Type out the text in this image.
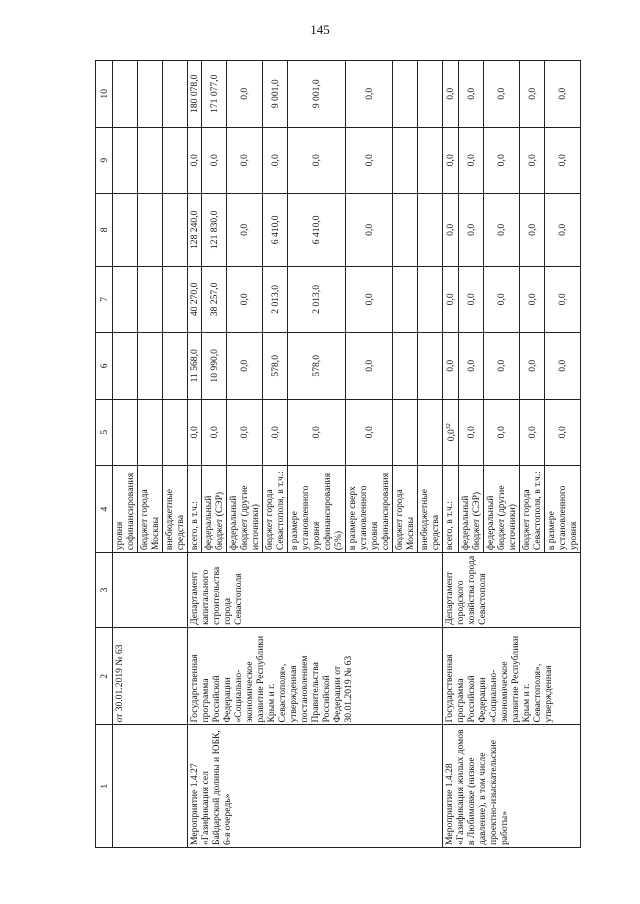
145
1	2	3	4	5	6	7	8	9	10
	от 30.01.2019 № 63		уровня софинансирования						
			бюджет города Москвы						
			внебюджетные средства						
Мероприятие 1.4.27 «Газификация сел Байдарской долины и ЮБК, 6-я очередь»	Государственная программа Российской Федерации «Социально-экономическое развитие Республики Крым и г. Севастополя», утвержденная постановлением Правительства Российской Федерации от 30.01.2019 № 63	Департамент капитального строительства города Севастополя	всего, в т.ч.:	0,0	11 568,0	40 270,0	128 240,0	0,0	180 078,0
			федеральный бюджет (СЭР)	0,0	10 990,0	38 257,0	121 830,0	0,0	171 077,0
			федеральный бюджет (другие источники)	0,0	0,0	0,0	0,0	0,0	0,0
			бюджет города Севастополя, в т.ч.:	0,0	578,0	2 013,0	6 410,0	0,0	9 001,0
			в размере установленного уровня софинансирования (5%)	0,0	578,0	2 013,0	6 410,0	0,0	9 001,0
			в размере сверх установленного уровня софинансирования	0,0	0,0	0,0	0,0	0,0	0,0
			бюджет города Москвы						
			внебюджетные средства						
Мероприятие 1.4.28 «Газификация жилых домов в Любимовке (низкое давление), в том числе проектно-изыскательские работы»	Государственная программа Российской Федерации «Социально-экономическое развитие Республики Крым и г. Севастополя», утвержденная	Департамент городского хозяйства города Севастополя	всего, в т.ч.:	$0,0^{32}$	0,0	0,0	0,0	0,0	0,0
			федеральный бюджет (СЭР)	0,0	0,0	0,0	0,0	0,0	0,0
			федеральный бюджет (другие источники)	0,0	0,0	0,0	0,0	0,0	0,0
			бюджет города Севастополя, в т.ч.:	0,0	0,0	0,0	0,0	0,0	0,0
			в размере установленного уровня	0,0	0,0	0,0	0,0	0,0	0,0
